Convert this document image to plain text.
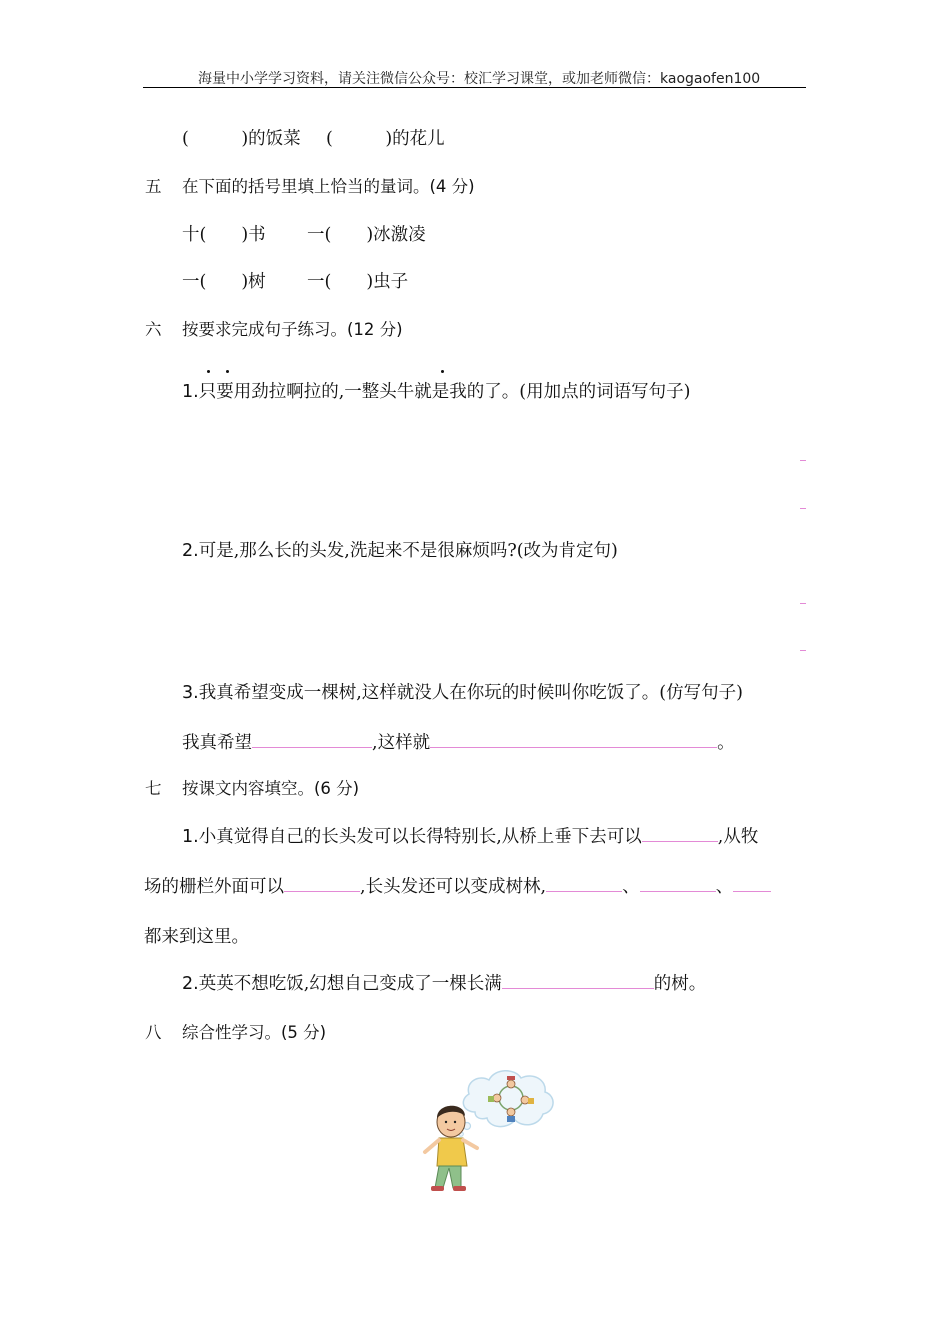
海量中小学学习资料，请关注微信公众号：校汇学习课堂，或加老师微信：kaogaofen100
(　　　)的饭菜 (　　　)的花儿
五 在下面的括号里填上恰当的量词。(4 分)
十(　　)书 一(　　)冰激凌
一(　　)树 一(　　)虫子
六 按要求完成句子练习。(12 分)
1.只要用劲拉啊拉的,一整头牛就是我的了。(用加点的词语写句子)
2.可是,那么长的头发,洗起来不是很麻烦吗?(改为肯定句)
3.我真希望变成一棵树,这样就没人在你玩的时候叫你吃饭了。(仿写句子)
我真希望	,这样就	。
七 按课文内容填空。(6 分)
1.小真觉得自己的长头发可以长得特别长,从桥上垂下去可以	,从牧
场的栅栏外面可以	,长头发还可以变成树林,	、	、
都来到这里。
2.英英不想吃饭,幻想自己变成了一棵长满	的树。
八 综合性学习。(5 分)
